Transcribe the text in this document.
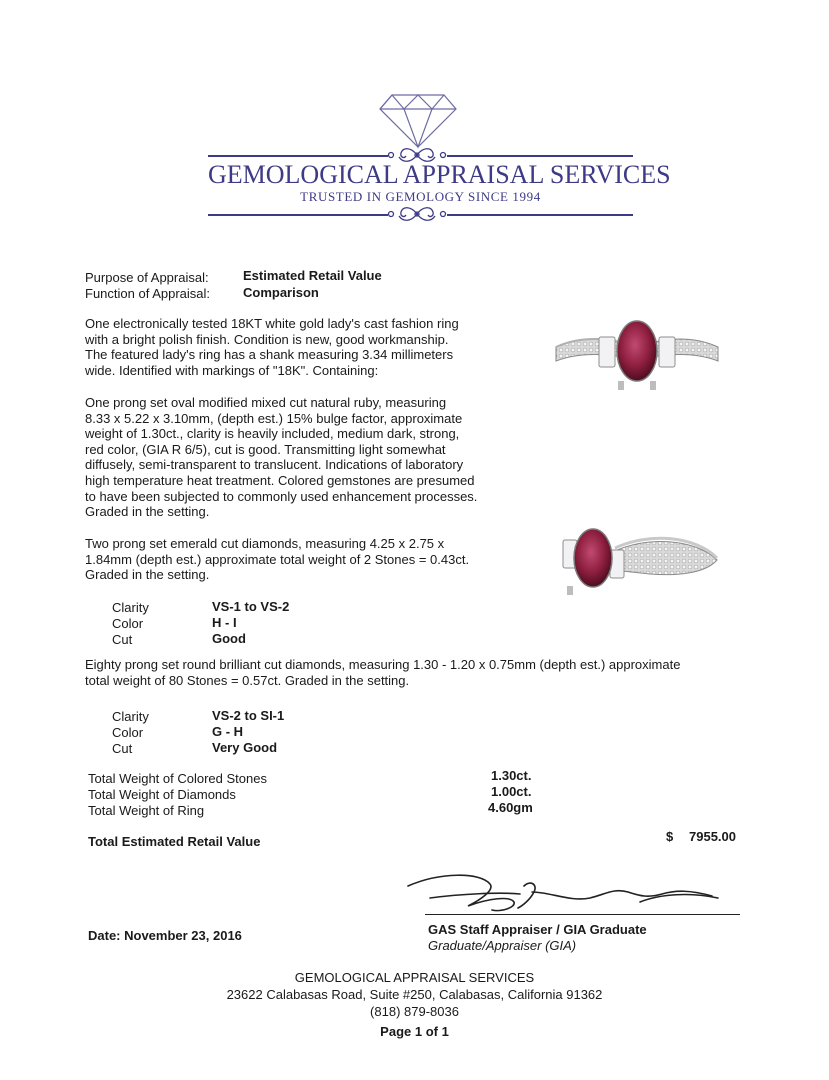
GEMOLOGICAL APPRAISAL SERVICES
TRUSTED IN GEMOLOGY SINCE 1994
Purpose of Appraisal:	Estimated Retail Value
Function of Appraisal:	Comparison
One electronically tested 18KT white gold lady's cast fashion ring
with a bright polish finish. Condition is new, good workmanship.
The featured lady's ring has a shank measuring 3.34 millimeters
wide. Identified with markings of "18K". Containing:
One prong set oval modified mixed cut natural ruby, measuring
8.33 x 5.22 x 3.10mm, (depth est.) 15% bulge factor, approximate
weight of 1.30ct., clarity is heavily included, medium dark, strong,
red color, (GIA R 6/5), cut is good. Transmitting light somewhat
diffusely, semi-transparent to translucent. Indications of laboratory
high temperature heat treatment. Colored gemstones are presumed
to have been subjected to commonly used enhancement processes.
Graded in the setting.
Two prong set emerald cut diamonds, measuring 4.25 x 2.75 x
1.84mm (depth est.) approximate total weight of 2 Stones = 0.43ct.
Graded in the setting.
Clarity	VS-1 to VS-2
Color	H - I
Cut	Good
Eighty prong set round brilliant cut diamonds, measuring 1.30 - 1.20 x 0.75mm (depth est.) approximate
total weight of 80 Stones = 0.57ct. Graded in the setting.
Clarity	VS-2 to SI-1
Color	G - H
Cut	Very Good
Total Weight of Colored Stones	1.30ct.
Total Weight of Diamonds	1.00ct.
Total Weight of Ring	4.60gm
Total Estimated Retail Value	$ 7955.00
Date: November 23, 2016	GAS Staff Appraiser / GIA Graduate
Graduate/Appraiser (GIA)
GEMOLOGICAL APPRAISAL SERVICES
23622 Calabasas Road, Suite #250, Calabasas, California 91362
(818) 879-8036
Page 1 of 1
